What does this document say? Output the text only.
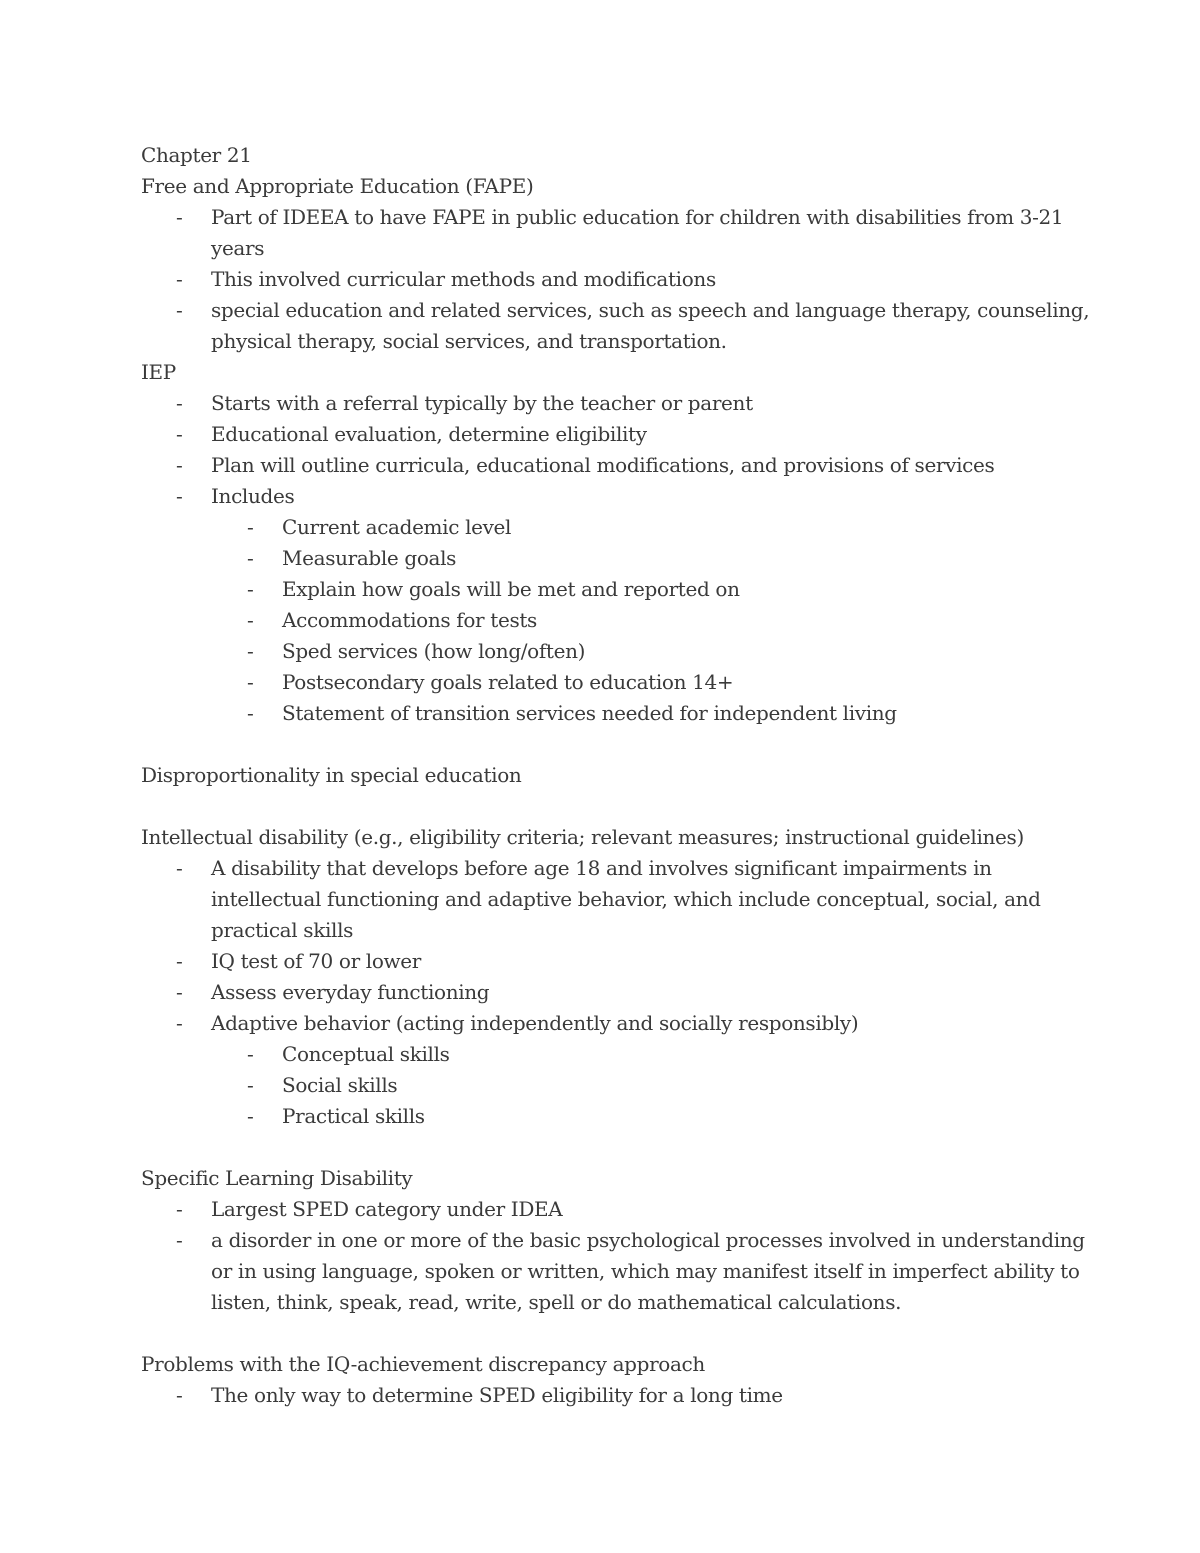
Chapter 21
Free and Appropriate Education (FAPE)
- Part of IDEEA to have FAPE in public education for children with disabilities from 3-21
years
- This involved curricular methods and modifications
- special education and related services, such as speech and language therapy, counseling,
physical therapy, social services, and transportation.
IEP
- Starts with a referral typically by the teacher or parent
- Educational evaluation, determine eligibility
- Plan will outline curricula, educational modifications, and provisions of services
- Includes
- Current academic level
- Measurable goals
- Explain how goals will be met and reported on
- Accommodations for tests
- Sped services (how long/often)
- Postsecondary goals related to education 14+
- Statement of transition services needed for independent living
Disproportionality in special education
Intellectual disability (e.g., eligibility criteria; relevant measures; instructional guidelines)
- A disability that develops before age 18 and involves significant impairments in
intellectual functioning and adaptive behavior, which include conceptual, social, and
practical skills
- IQ test of 70 or lower
- Assess everyday functioning
- Adaptive behavior (acting independently and socially responsibly)
- Conceptual skills
- Social skills
- Practical skills
Specific Learning Disability
- Largest SPED category under IDEA
- a disorder in one or more of the basic psychological processes involved in understanding
or in using language, spoken or written, which may manifest itself in imperfect ability to
listen, think, speak, read, write, spell or do mathematical calculations.
Problems with the IQ-achievement discrepancy approach
- The only way to determine SPED eligibility for a long time
